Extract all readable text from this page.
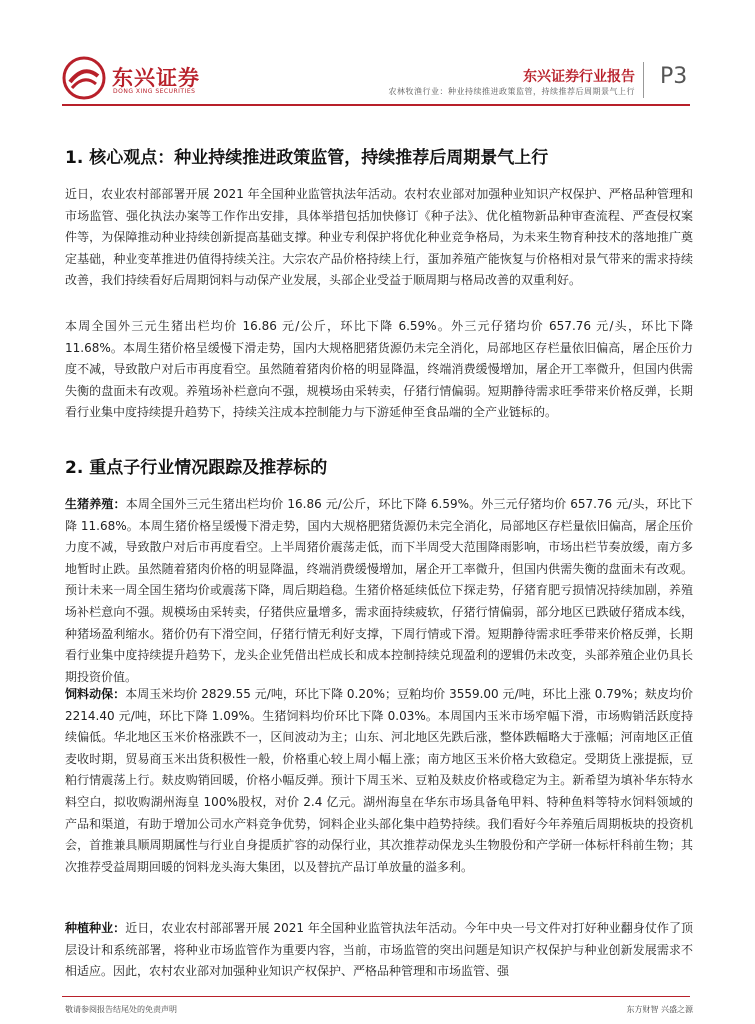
东兴证券
DONG XING SECURITIES
东兴证券行业报告
农林牧渔行业：种业持续推进政策监管，持续推荐后周期景气上行
P3
1. 核心观点：种业持续推进政策监管，持续推荐后周期景气上行

近日，农业农村部部署开展 2021 年全国种业监管执法年活动。农村农业部对加强种业知识产权保护、严格品种管理和市场监管、强化执法办案等工作作出安排，具体举措包括加快修订《种子法》、优化植物新品种审查流程、严查侵权案件等，为保障推动种业持续创新提高基础支撑。种业专利保护将优化种业竞争格局，为未来生物育种技术的落地推广奠定基础，种业变革推进仍值得持续关注。大宗农产品价格持续上行，蛋加养殖产能恢复与价格相对景气带来的需求持续改善，我们持续看好后周期饲料与动保产业发展，头部企业受益于顺周期与格局改善的双重利好。

本周全国外三元生猪出栏均价 16.86 元/公斤，环比下降 6.59%。外三元仔猪均价 657.76 元/头，环比下降 11.68%。本周生猪价格呈缓慢下滑走势，国内大规格肥猪货源仍未完全消化，局部地区存栏量依旧偏高，屠企压价力度不减，导致散户对后市再度看空。虽然随着猪肉价格的明显降温，终端消费缓慢增加，屠企开工率微升，但国内供需失衡的盘面未有改观。养殖场补栏意向不强，规模场由采转卖，仔猪行情偏弱。短期静待需求旺季带来价格反弹，长期看行业集中度持续提升趋势下，持续关注成本控制能力与下游延伸至食品端的全产业链标的。

2. 重点子行业情况跟踪及推荐标的

生猪养殖：本周全国外三元生猪出栏均价 16.86 元/公斤，环比下降 6.59%。外三元仔猪均价 657.76 元/头，环比下降 11.68%。本周生猪价格呈缓慢下滑走势，国内大规格肥猪货源仍未完全消化，局部地区存栏量依旧偏高，屠企压价力度不减，导致散户对后市再度看空。上半周猪价震荡走低，而下半周受大范围降雨影响，市场出栏节奏放缓，南方多地暂时止跌。虽然随着猪肉价格的明显降温，终端消费缓慢增加，屠企开工率微升，但国内供需失衡的盘面未有改观。预计未来一周全国生猪均价或震荡下降，周后期趋稳。生猪价格延续低位下探走势，仔猪育肥亏损情况持续加剧，养殖场补栏意向不强。规模场由采转卖，仔猪供应量增多，需求面持续疲软，仔猪行情偏弱，部分地区已跌破仔猪成本线，种猪场盈利缩水。猪价仍有下滑空间，仔猪行情无利好支撑，下周行情或下滑。短期静待需求旺季带来价格反弹，长期看行业集中度持续提升趋势下，龙头企业凭借出栏成长和成本控制持续兑现盈利的逻辑仍未改变，头部养殖企业仍具长期投资价值。

饲料动保：本周玉米均价 2829.55 元/吨，环比下降 0.20%；豆粕均价 3559.00 元/吨，环比上涨 0.79%；麸皮均价 2214.40 元/吨，环比下降 1.09%。生猪饲料均价环比下降 0.03%。本周国内玉米市场窄幅下滑，市场购销活跃度持续偏低。华北地区玉米价格涨跌不一，区间波动为主；山东、河北地区先跌后涨，整体跌幅略大于涨幅；河南地区正值麦收时期，贸易商玉米出货积极性一般，价格重心较上周小幅上涨；南方地区玉米价格大致稳定。受期货上涨提振，豆粕行情震荡上行。麸皮购销回暖，价格小幅反弹。预计下周玉米、豆粕及麸皮价格或稳定为主。新希望为填补华东特水料空白，拟收购湖州海皇 100%股权，对价 2.4 亿元。湖州海皇在华东市场具备龟甲料、特种鱼料等特水饲料领域的产品和渠道，有助于增加公司水产料竞争优势，饲料企业头部化集中趋势持续。我们看好今年养殖后周期板块的投资机会，首推兼具顺周期属性与行业自身提质扩容的动保行业，其次推荐动保龙头生物股份和产学研一体标杆科前生物；其次推荐受益周期回暖的饲料龙头海大集团，以及替抗产品订单放量的溢多利。

种植种业：近日，农业农村部部署开展 2021 年全国种业监管执法年活动。今年中央一号文件对打好种业翻身仗作了顶层设计和系统部署，将种业市场监管作为重要内容，当前，市场监管的突出问题是知识产权保护与种业创新发展需求不相适应。因此，农村农业部对加强种业知识产权保护、严格品种管理和市场监管、强

敬请参阅报告结尾处的免责声明	东方财智 兴盛之源
